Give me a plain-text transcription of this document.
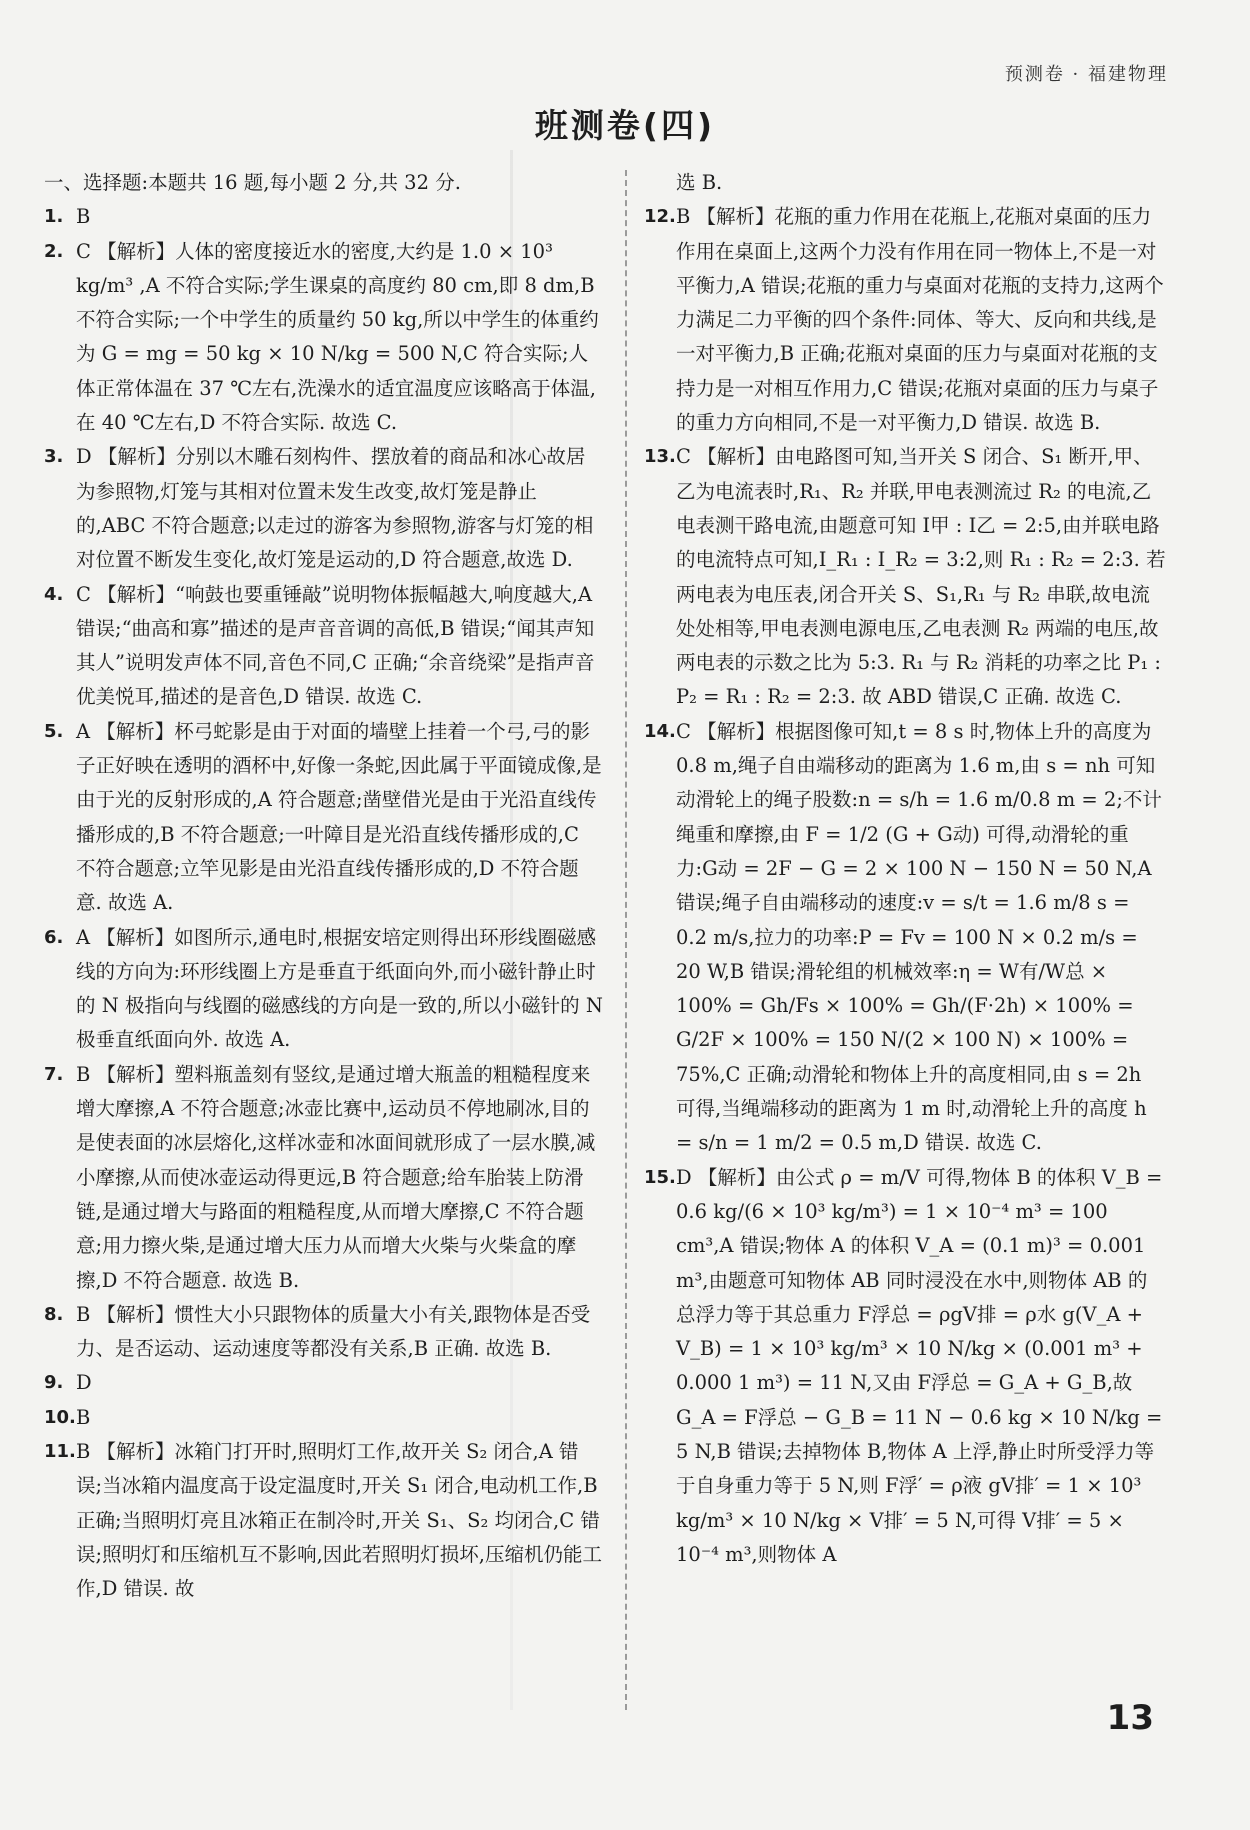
预测卷 · 福建物理
班测卷(四)

一、选择题:本题共 16 题,每小题 2 分,共 32 分.

1. B

2. C 【解析】人体的密度接近水的密度,大约是 1.0 × 10³ kg/m³ ,A 不符合实际;学生课桌的高度约 80 cm,即 8 dm,B 不符合实际;一个中学生的质量约 50 kg,所以中学生的体重约为 G = mg = 50 kg × 10 N/kg = 500 N,C 符合实际;人体正常体温在 37 ℃左右,洗澡水的适宜温度应该略高于体温,在 40 ℃左右,D 不符合实际. 故选 C.

3. D 【解析】分别以木雕石刻构件、摆放着的商品和冰心故居为参照物,灯笼与其相对位置未发生改变,故灯笼是静止的,ABC 不符合题意;以走过的游客为参照物,游客与灯笼的相对位置不断发生变化,故灯笼是运动的,D 符合题意,故选 D.

4. C 【解析】“响鼓也要重锤敲”说明物体振幅越大,响度越大,A 错误;“曲高和寡”描述的是声音音调的高低,B 错误;“闻其声知其人”说明发声体不同,音色不同,C 正确;“余音绕梁”是指声音优美悦耳,描述的是音色,D 错误. 故选 C.

5. A 【解析】杯弓蛇影是由于对面的墙壁上挂着一个弓,弓的影子正好映在透明的酒杯中,好像一条蛇,因此属于平面镜成像,是由于光的反射形成的,A 符合题意;凿壁借光是由于光沿直线传播形成的,B 不符合题意;一叶障目是光沿直线传播形成的,C 不符合题意;立竿见影是由光沿直线传播形成的,D 不符合题意. 故选 A.

6. A 【解析】如图所示,通电时,根据安培定则得出环形线圈磁感线的方向为:环形线圈上方是垂直于纸面向外,而小磁针静止时的 N 极指向与线圈的磁感线的方向是一致的,所以小磁针的 N 极垂直纸面向外. 故选 A.

7. B 【解析】塑料瓶盖刻有竖纹,是通过增大瓶盖的粗糙程度来增大摩擦,A 不符合题意;冰壶比赛中,运动员不停地刷冰,目的是使表面的冰层熔化,这样冰壶和冰面间就形成了一层水膜,减小摩擦,从而使冰壶运动得更远,B 符合题意;给车胎装上防滑链,是通过增大与路面的粗糙程度,从而增大摩擦,C 不符合题意;用力擦火柴,是通过增大压力从而增大火柴与火柴盒的摩擦,D 不符合题意. 故选 B.

8. B 【解析】惯性大小只跟物体的质量大小有关,跟物体是否受力、是否运动、运动速度等都没有关系,B 正确. 故选 B.

9. D

10. B

11. B 【解析】冰箱门打开时,照明灯工作,故开关 S₂ 闭合,A 错误;当冰箱内温度高于设定温度时,开关 S₁ 闭合,电动机工作,B 正确;当照明灯亮且冰箱正在制冷时,开关 S₁、S₂ 均闭合,C 错误;照明灯和压缩机互不影响,因此若照明灯损坏,压缩机仍能工作,D 错误. 故

选 B.

12. B 【解析】花瓶的重力作用在花瓶上,花瓶对桌面的压力作用在桌面上,这两个力没有作用在同一物体上,不是一对平衡力,A 错误;花瓶的重力与桌面对花瓶的支持力,这两个力满足二力平衡的四个条件:同体、等大、反向和共线,是一对平衡力,B 正确;花瓶对桌面的压力与桌面对花瓶的支持力是一对相互作用力,C 错误;花瓶对桌面的压力与桌子的重力方向相同,不是一对平衡力,D 错误. 故选 B.

13. C 【解析】由电路图可知,当开关 S 闭合、S₁ 断开,甲、乙为电流表时,R₁、R₂ 并联,甲电表测流过 R₂ 的电流,乙电表测干路电流,由题意可知 I甲 : I乙 = 2:5,由并联电路的电流特点可知,I_R₁ : I_R₂ = 3:2,则 R₁ : R₂ = 2:3. 若两电表为电压表,闭合开关 S、S₁,R₁ 与 R₂ 串联,故电流处处相等,甲电表测电源电压,乙电表测 R₂ 两端的电压,故两电表的示数之比为 5:3. R₁ 与 R₂ 消耗的功率之比 P₁ : P₂ = R₁ : R₂ = 2:3. 故 ABD 错误,C 正确. 故选 C.

14. C 【解析】根据图像可知,t = 8 s 时,物体上升的高度为 0.8 m,绳子自由端移动的距离为 1.6 m,由 s = nh 可知动滑轮上的绳子股数:n = s/h = 1.6 m/0.8 m = 2;不计绳重和摩擦,由 F = 1/2 (G + G动) 可得,动滑轮的重力:G动 = 2F − G = 2 × 100 N − 150 N = 50 N,A 错误;绳子自由端移动的速度:v = s/t = 1.6 m/8 s = 0.2 m/s,拉力的功率:P = Fv = 100 N × 0.2 m/s = 20 W,B 错误;滑轮组的机械效率:η = W有/W总 × 100% = Gh/Fs × 100% = Gh/(F·2h) × 100% = G/2F × 100% = 150 N/(2 × 100 N) × 100% = 75%,C 正确;动滑轮和物体上升的高度相同,由 s = 2h 可得,当绳端移动的距离为 1 m 时,动滑轮上升的高度 h = s/n = 1 m/2 = 0.5 m,D 错误. 故选 C.

15. D 【解析】由公式 ρ = m/V 可得,物体 B 的体积 V_B = 0.6 kg/(6 × 10³ kg/m³) = 1 × 10⁻⁴ m³ = 100 cm³,A 错误;物体 A 的体积 V_A = (0.1 m)³ = 0.001 m³,由题意可知物体 AB 同时浸没在水中,则物体 AB 的总浮力等于其总重力 F浮总 = ρgV排 = ρ水 g(V_A + V_B) = 1 × 10³ kg/m³ × 10 N/kg × (0.001 m³ + 0.000 1 m³) = 11 N,又由 F浮总 = G_A + G_B,故 G_A = F浮总 − G_B = 11 N − 0.6 kg × 10 N/kg = 5 N,B 错误;去掉物体 B,物体 A 上浮,静止时所受浮力等于自身重力等于 5 N,则 F浮′ = ρ液 gV排′ = 1 × 10³ kg/m³ × 10 N/kg × V排′ = 5 N,可得 V排′ = 5 × 10⁻⁴ m³,则物体 A

13
